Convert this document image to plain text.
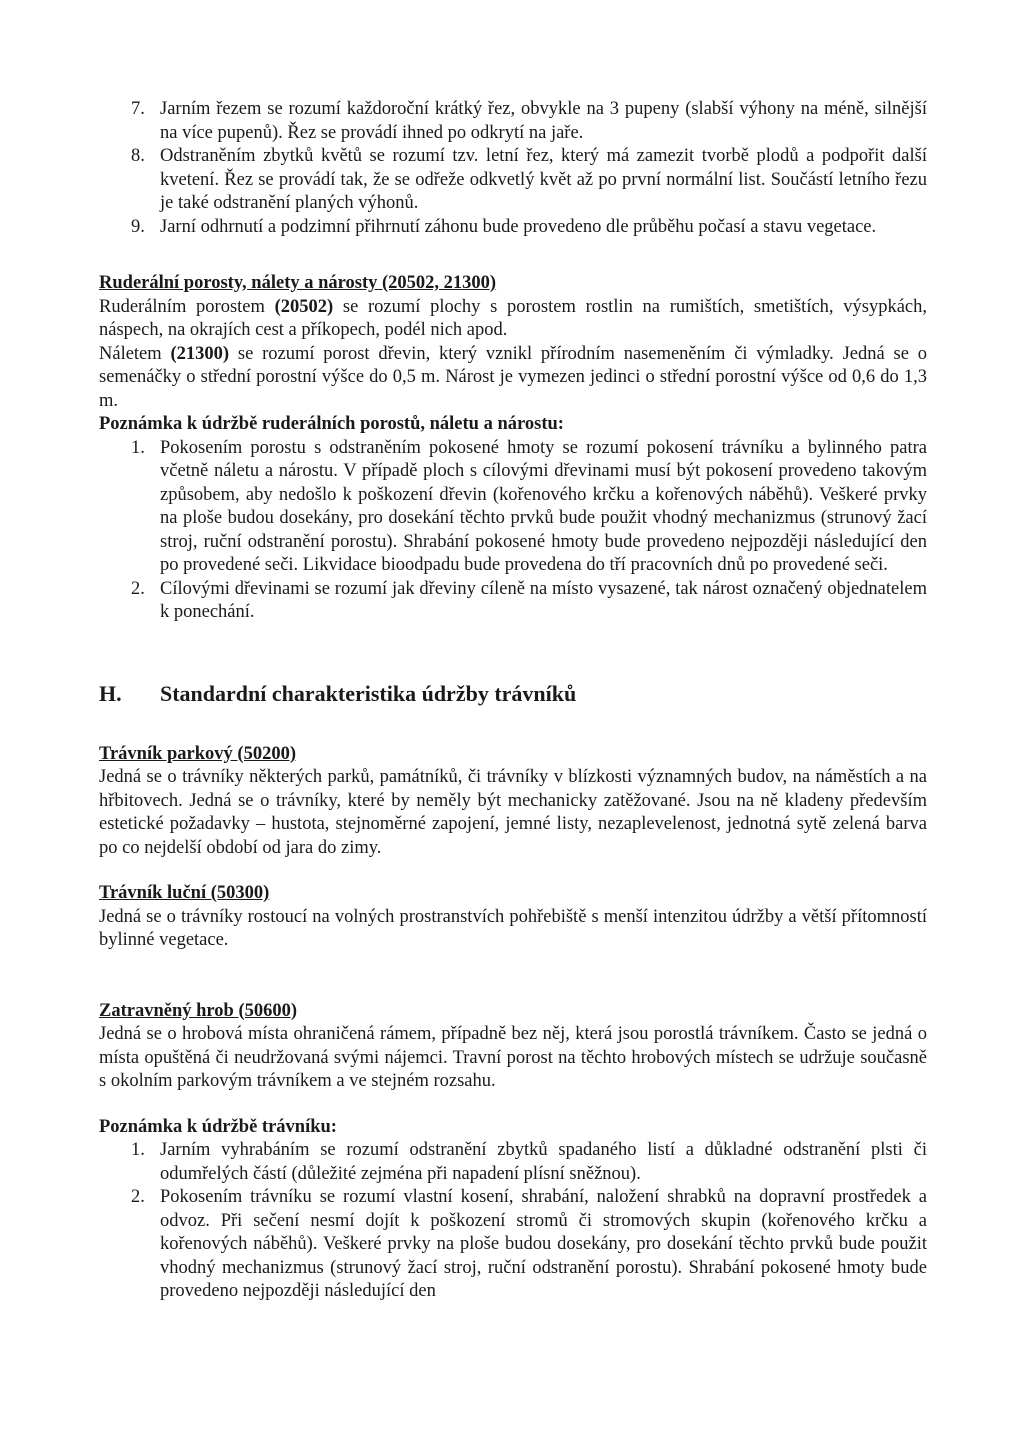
7. Jarním řezem se rozumí každoroční krátký řez, obvykle na 3 pupeny (slabší výhony na méně, silnější na více pupenů). Řez se provádí ihned po odkrytí na jaře.
8. Odstraněním zbytků květů se rozumí tzv. letní řez, který má zamezit tvorbě plodů a podpořit další kvetení. Řez se provádí tak, že se odřeže odkvetlý květ až po první normální list. Součástí letního řezu je také odstranění planých výhonů.
9. Jarní odhrnutí a podzimní přihrnutí záhonu bude provedeno dle průběhu počasí a stavu vegetace.

Ruderální porosty, nálety a nárosty (20502, 21300)

Ruderálním porostem (20502) se rozumí plochy s porostem rostlin na rumištích, smetištích, výsypkách, náspech, na okrajích cest a příkopech, podél nich apod.

Náletem (21300) se rozumí porost dřevin, který vznikl přírodním nasemeněním či výmladky. Jedná se o semenáčky o střední porostní výšce do 0,5 m. Nárost je vymezen jedinci o střední porostní výšce od 0,6 do 1,3 m.

Poznámka k údržbě ruderálních porostů, náletu a nárostu:

1. Pokosením porostu s odstraněním pokosené hmoty se rozumí pokosení trávníku a bylinného patra včetně náletu a nárostu. V případě ploch s cílovými dřevinami musí být pokosení provedeno takovým způsobem, aby nedošlo k poškození dřevin (kořenového krčku a kořenových náběhů). Veškeré prvky na ploše budou dosekány, pro dosekání těchto prvků bude použit vhodný mechanizmus (strunový žací stroj, ruční odstranění porostu). Shrabání pokosené hmoty bude provedeno nejpozději následující den po provedené seči. Likvidace bioodpadu bude provedena do tří pracovních dnů po provedené seči.
2. Cílovými dřevinami se rozumí jak dřeviny cíleně na místo vysazené, tak nárost označený objednatelem k ponechání.
H. Standardní charakteristika údržby trávníků

Trávník parkový (50200)

Jedná se o trávníky některých parků, památníků, či trávníky v blízkosti významných budov, na náměstích a na hřbitovech. Jedná se o trávníky, které by neměly být mechanicky zatěžované. Jsou na ně kladeny především estetické požadavky – hustota, stejnoměrné zapojení, jemné listy, nezaplevelenost, jednotná sytě zelená barva po co nejdelší období od jara do zimy.

Trávník luční (50300)

Jedná se o trávníky rostoucí na volných prostranstvích pohřebiště s menší intenzitou údržby a větší přítomností bylinné vegetace.

Zatravněný hrob (50600)

Jedná se o hrobová místa ohraničená rámem, případně bez něj, která jsou porostlá trávníkem. Často se jedná o místa opuštěná či neudržovaná svými nájemci. Travní porost na těchto hrobových místech se udržuje současně s okolním parkovým trávníkem a ve stejném rozsahu.

Poznámka k údržbě trávníku:

1. Jarním vyhrabáním se rozumí odstranění zbytků spadaného listí a důkladné odstranění plsti či odumřelých částí (důležité zejména při napadení plísní sněžnou).
2. Pokosením trávníku se rozumí vlastní kosení, shrabání, naložení shrabků na dopravní prostředek a odvoz. Při sečení nesmí dojít k poškození stromů či stromových skupin (kořenového krčku a kořenových náběhů). Veškeré prvky na ploše budou dosekány, pro dosekání těchto prvků bude použit vhodný mechanizmus (strunový žací stroj, ruční odstranění porostu). Shrabání pokosené hmoty bude provedeno nejpozději následující den
